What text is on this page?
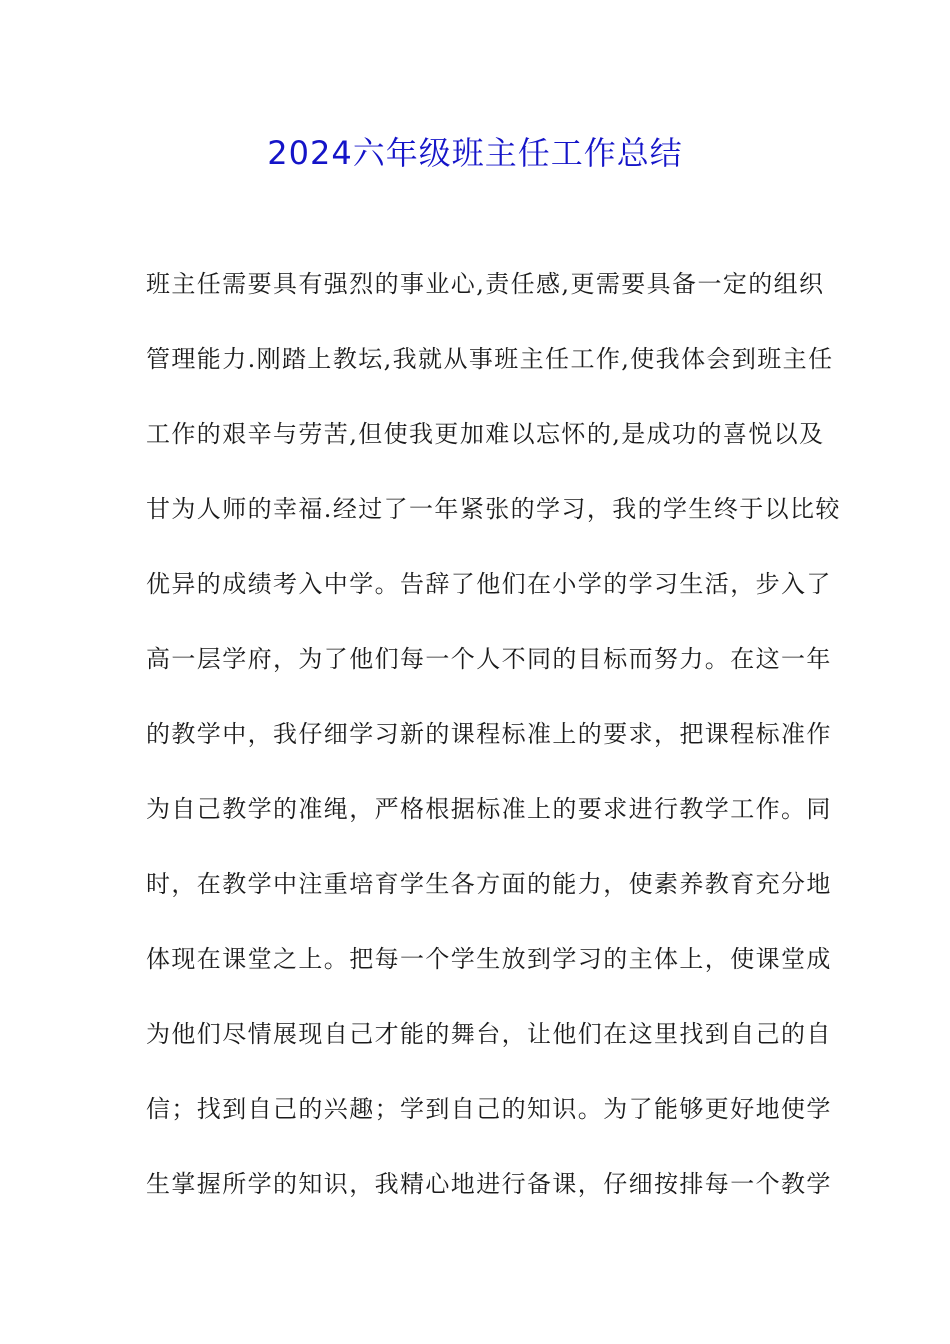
2024六年级班主任工作总结
班主任需要具有强烈的事业心,责任感,更需要具备一定的组织
管理能力.刚踏上教坛,我就从事班主任工作,使我体会到班主任
工作的艰辛与劳苦,但使我更加难以忘怀的,是成功的喜悦以及
甘为人师的幸福.经过了一年紧张的学习，我的学生终于以比较
优异的成绩考入中学。告辞了他们在小学的学习生活，步入了
高一层学府，为了他们每一个人不同的目标而努力。在这一年
的教学中，我仔细学习新的课程标准上的要求，把课程标准作
为自己教学的准绳，严格根据标准上的要求进行教学工作。同
时，在教学中注重培育学生各方面的能力，使素养教育充分地
体现在课堂之上。把每一个学生放到学习的主体上，使课堂成
为他们尽情展现自己才能的舞台，让他们在这里找到自己的自
信；找到自己的兴趣；学到自己的知识。为了能够更好地使学
生掌握所学的知识，我精心地进行备课，仔细按排每一个教学
